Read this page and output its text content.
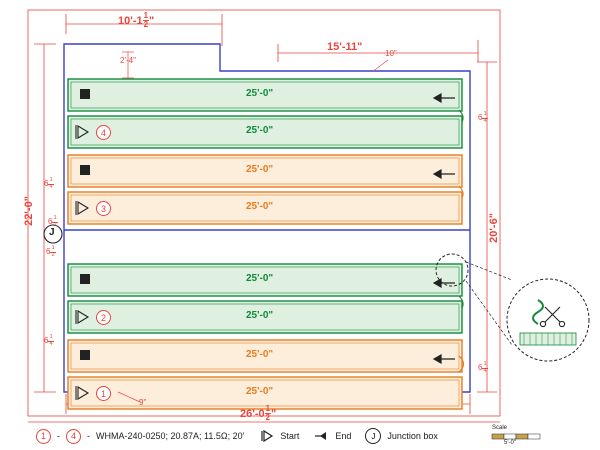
$10'-1 \frac{1}{2}$ "
15'-11"
10"
2'-4"
22'-0"
20'-6"
$26'-0 \frac{1}{2}$ "
9"
$6 \frac{1}{2}$
$6 \frac{1}{4}$
$6 \frac{1}{4}$
$6 \frac{1}{2}$
$6 \frac{1}{4}$
$6 \frac{1}{4}$
25'-0"
25'-0"
25'-0"
25'-0"
25'-0"
25'-0"
25'-0"
25'-0"
4
3
2
1
J
1	-	4	- WHMA-240-0250; 20.87A; 11.5Ω; 20'	Start	End	J	Junction box
Scale
5'-0"
